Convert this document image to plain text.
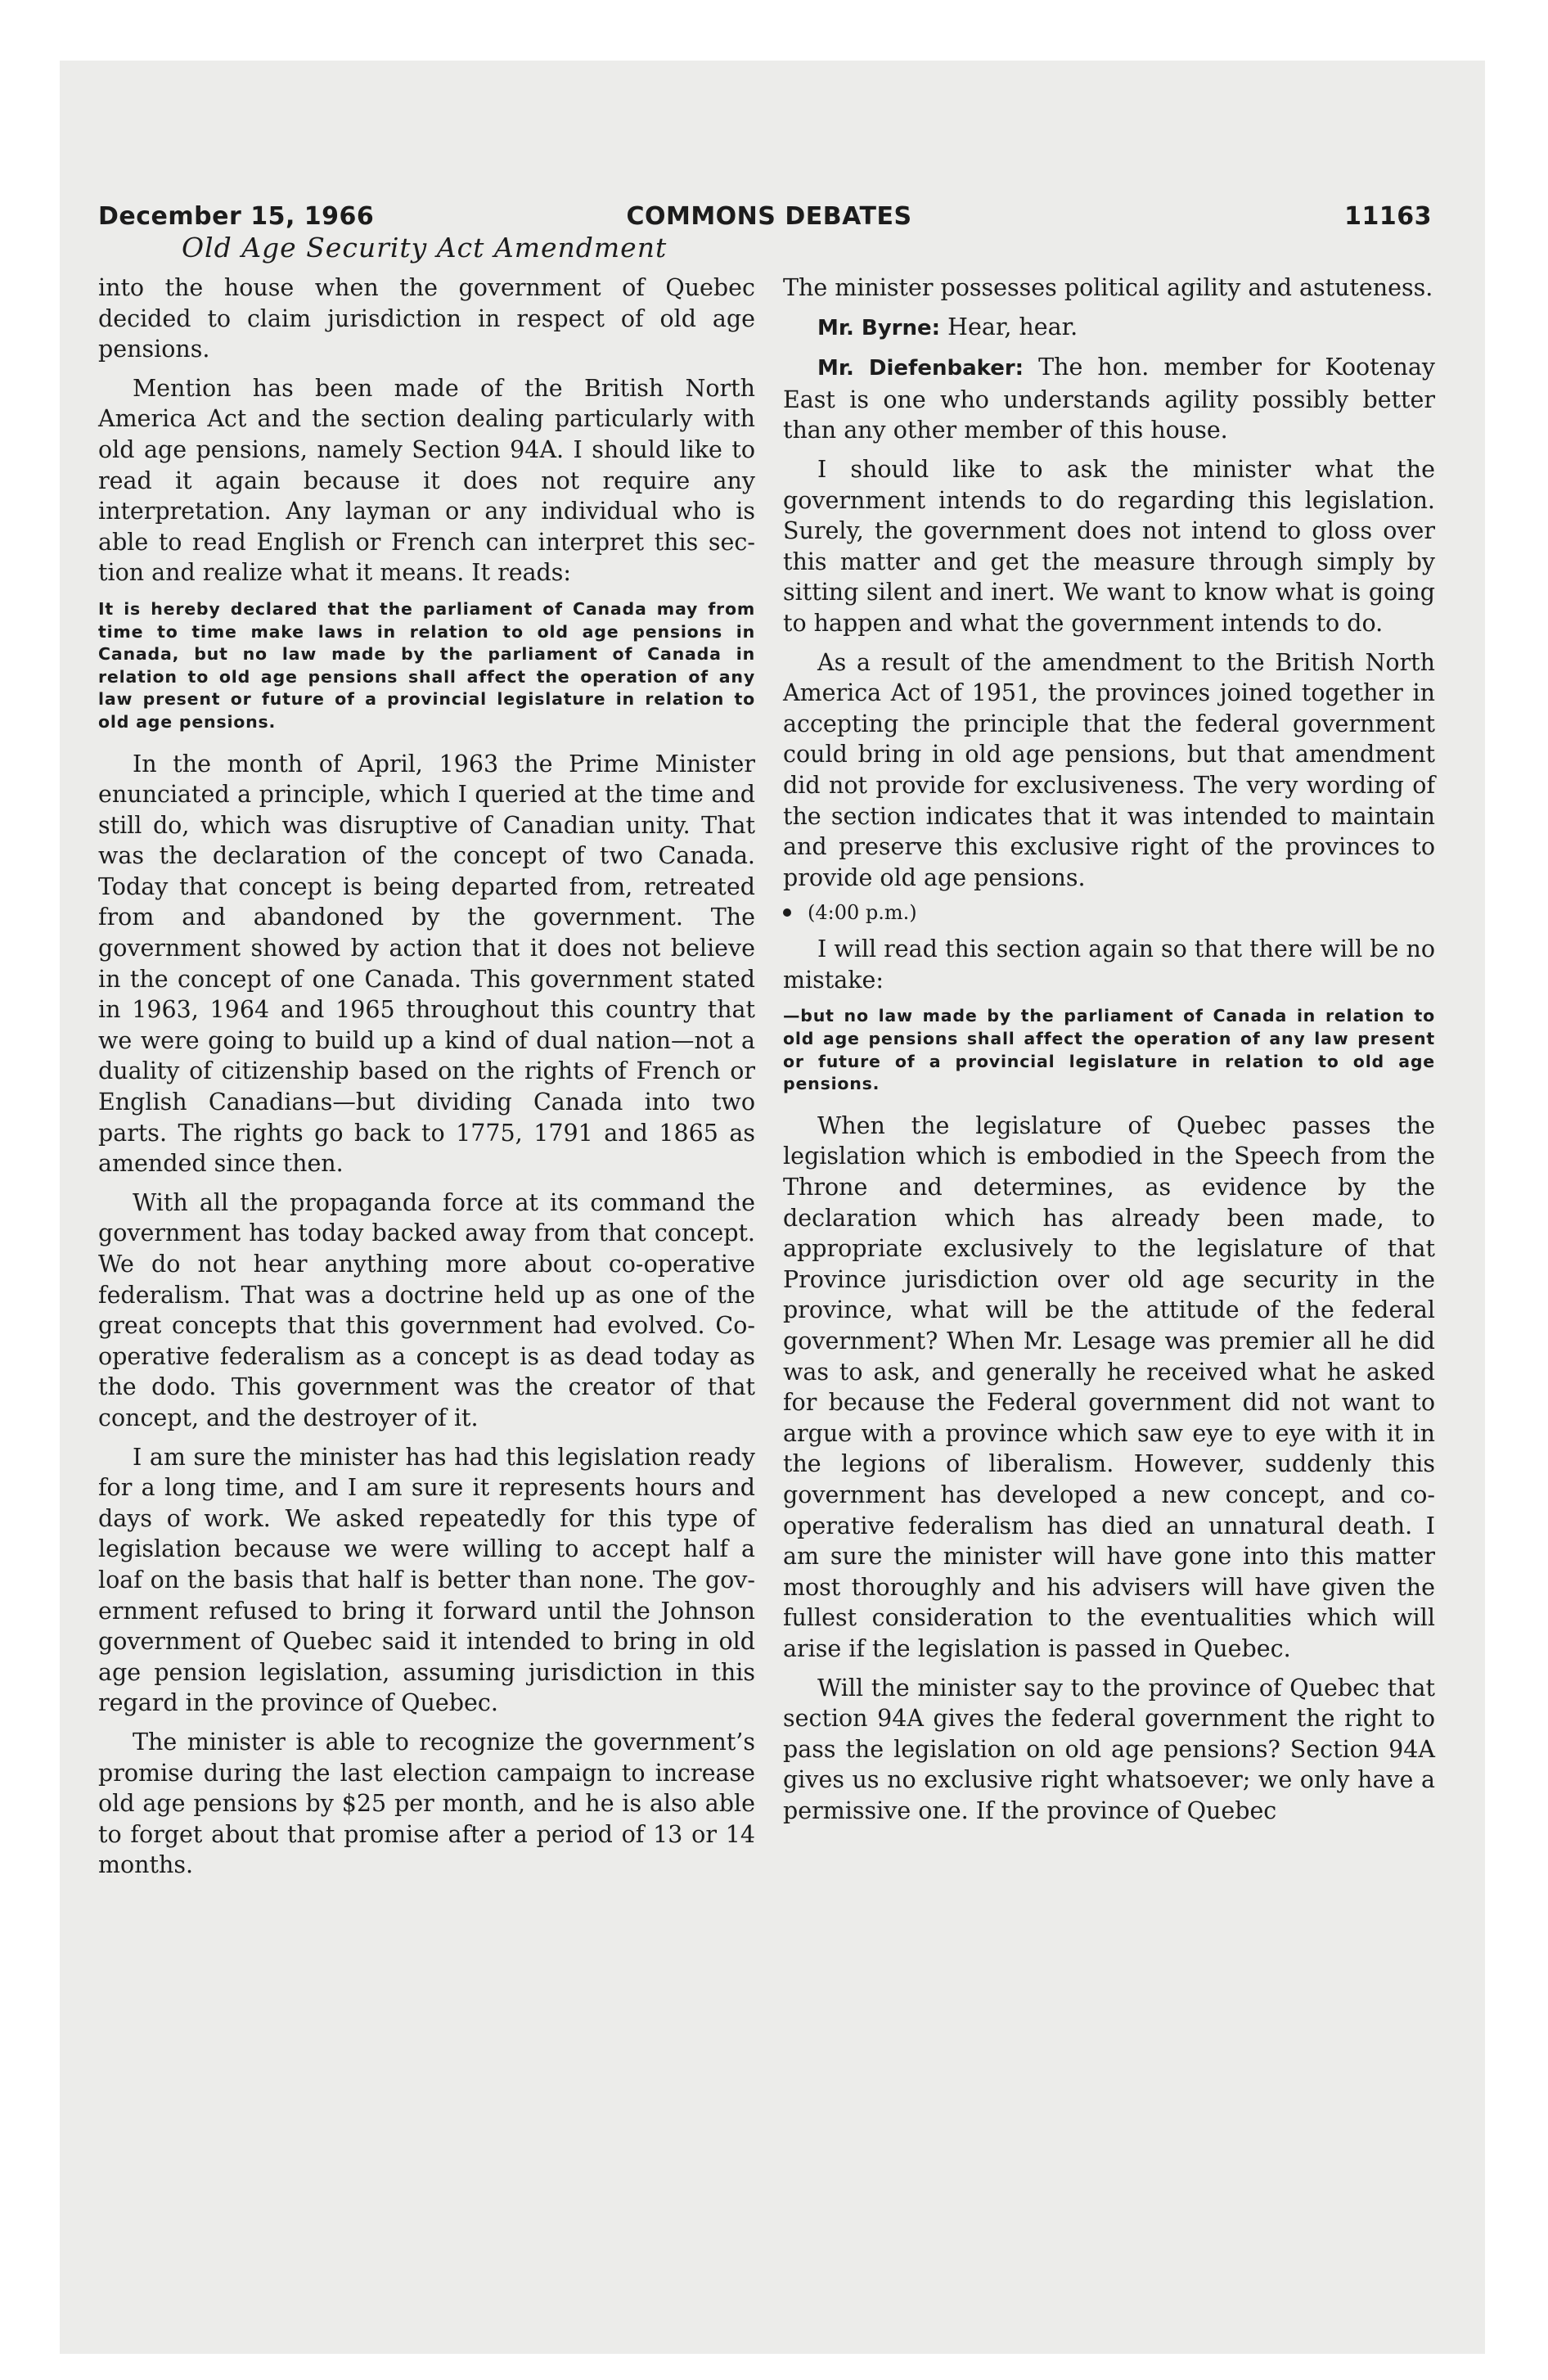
December 15, 1966	COMMONS DEBATES	11163
Old Age Security Act Amendment

into the house when the government of Quebec decided to claim jurisdiction in respect of old age pensions.

Mention has been made of the British North America Act and the section dealing particularly with old age pensions, namely Section 94A. I should like to read it again because it does not require any interpretation. Any layman or any individual who is able to read English or French can interpret this section and realize what it means. It reads:

It is hereby declared that the parliament of Canada may from time to time make laws in relation to old age pensions in Canada, but no law made by the parliament of Canada in relation to old age pensions shall affect the operation of any law present or future of a provincial legislature in relation to old age pensions.

In the month of April, 1963 the Prime Minister enunciated a principle, which I queried at the time and still do, which was disruptive of Canadian unity. That was the declaration of the concept of two Canada. Today that concept is being departed from, retreated from and abandoned by the government. The government showed by action that it does not believe in the concept of one Canada. This government stated in 1963, 1964 and 1965 throughout this country that we were going to build up a kind of dual nation—not a duality of citizenship based on the rights of French or English Canadians—but dividing Canada into two parts. The rights go back to 1775, 1791 and 1865 as amended since then.

With all the propaganda force at its command the government has today backed away from that concept. We do not hear anything more about co-operative federalism. That was a doctrine held up as one of the great concepts that this government had evolved. Co-operative federalism as a concept is as dead today as the dodo. This government was the creator of that concept, and the destroyer of it.

I am sure the minister has had this legislation ready for a long time, and I am sure it represents hours and days of work. We asked repeatedly for this type of legislation because we were willing to accept half a loaf on the basis that half is better than none. The government refused to bring it forward until the Johnson government of Quebec said it intended to bring in old age pension legislation, assuming jurisdiction in this regard in the province of Quebec.

The minister is able to recognize the government’s promise during the last election campaign to increase old age pensions by $25 per month, and he is also able to forget about that promise after a period of 13 or 14 months.

The minister possesses political agility and astuteness.

Mr. Byrne: Hear, hear.

Mr. Diefenbaker: The hon. member for Kootenay East is one who understands agility possibly better than any other member of this house.

I should like to ask the minister what the government intends to do regarding this legislation. Surely, the government does not intend to gloss over this matter and get the measure through simply by sitting silent and inert. We want to know what is going to happen and what the government intends to do.

As a result of the amendment to the British North America Act of 1951, the provinces joined together in accepting the principle that the federal government could bring in old age pensions, but that amendment did not provide for exclusiveness. The very wording of the section indicates that it was intended to maintain and preserve this exclusive right of the provinces to provide old age pensions.

(4:00 p.m.)

I will read this section again so that there will be no mistake:

—but no law made by the parliament of Canada in relation to old age pensions shall affect the operation of any law present or future of a provincial legislature in relation to old age pensions.

When the legislature of Quebec passes the legislation which is embodied in the Speech from the Throne and determines, as evidence by the declaration which has already been made, to appropriate exclusively to the legislature of that Province jurisdiction over old age security in the province, what will be the attitude of the federal government? When Mr. Lesage was premier all he did was to ask, and generally he received what he asked for because the Federal government did not want to argue with a province which saw eye to eye with it in the legions of liberalism. However, suddenly this government has developed a new concept, and co-operative federalism has died an unnatural death. I am sure the minister will have gone into this matter most thoroughly and his advisers will have given the fullest consideration to the eventualities which will arise if the legislation is passed in Quebec.

Will the minister say to the province of Quebec that section 94A gives the federal government the right to pass the legislation on old age pensions? Section 94A gives us no exclusive right whatsoever; we only have a permissive one. If the province of Quebec
